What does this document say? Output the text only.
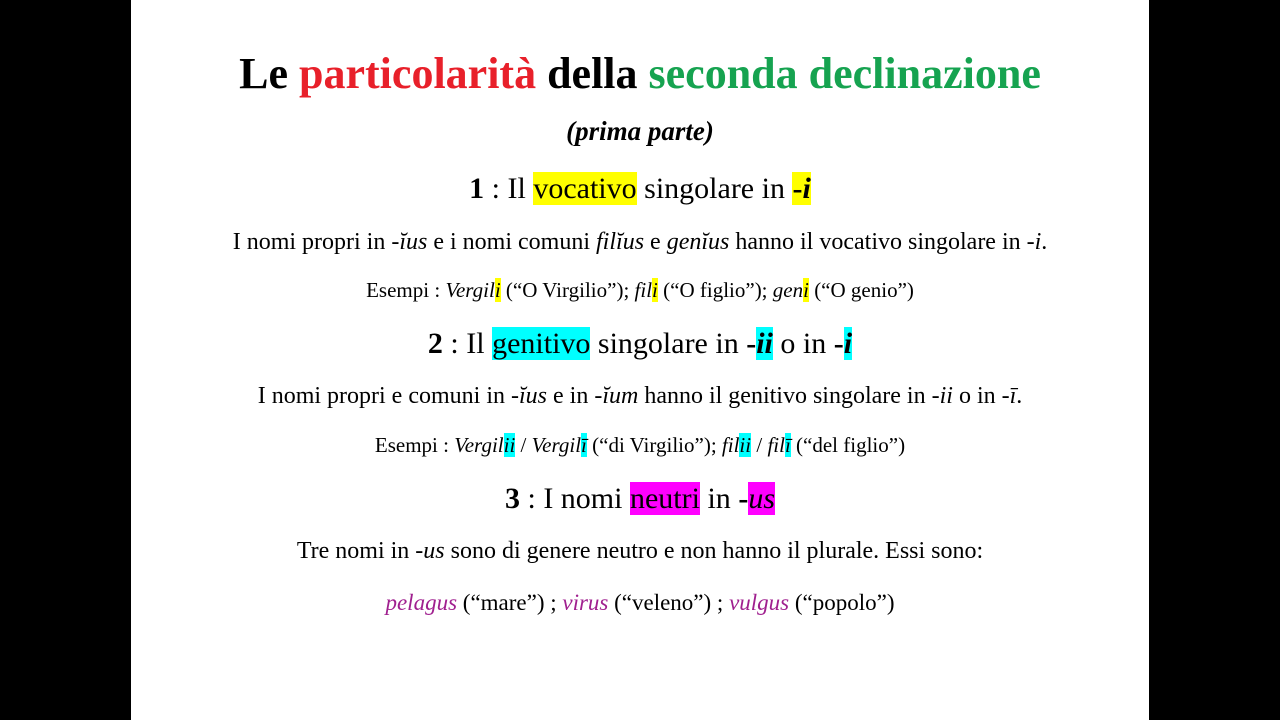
Le particolarità della seconda declinazione
(prima parte)
1 : Il vocativo singolare in -i
I nomi propri in -ĭus e i nomi comuni filĭus e genĭus hanno il vocativo singolare in -i.
Esempi : Vergili (“O Virgilio”); fili (“O figlio”); geni (“O genio”)
2 : Il genitivo singolare in -ii o in -i
I nomi propri e comuni in -ĭus e in -ĭum hanno il genitivo singolare in -ii o in -ī.
Esempi : Vergilii / Vergilī (“di Virgilio”); filii / filī (“del figlio”)
3 : I nomi neutri in -us
Tre nomi in -us sono di genere neutro e non hanno il plurale. Essi sono:
pelagus (“mare”) ; virus (“veleno”) ; vulgus (“popolo”)
